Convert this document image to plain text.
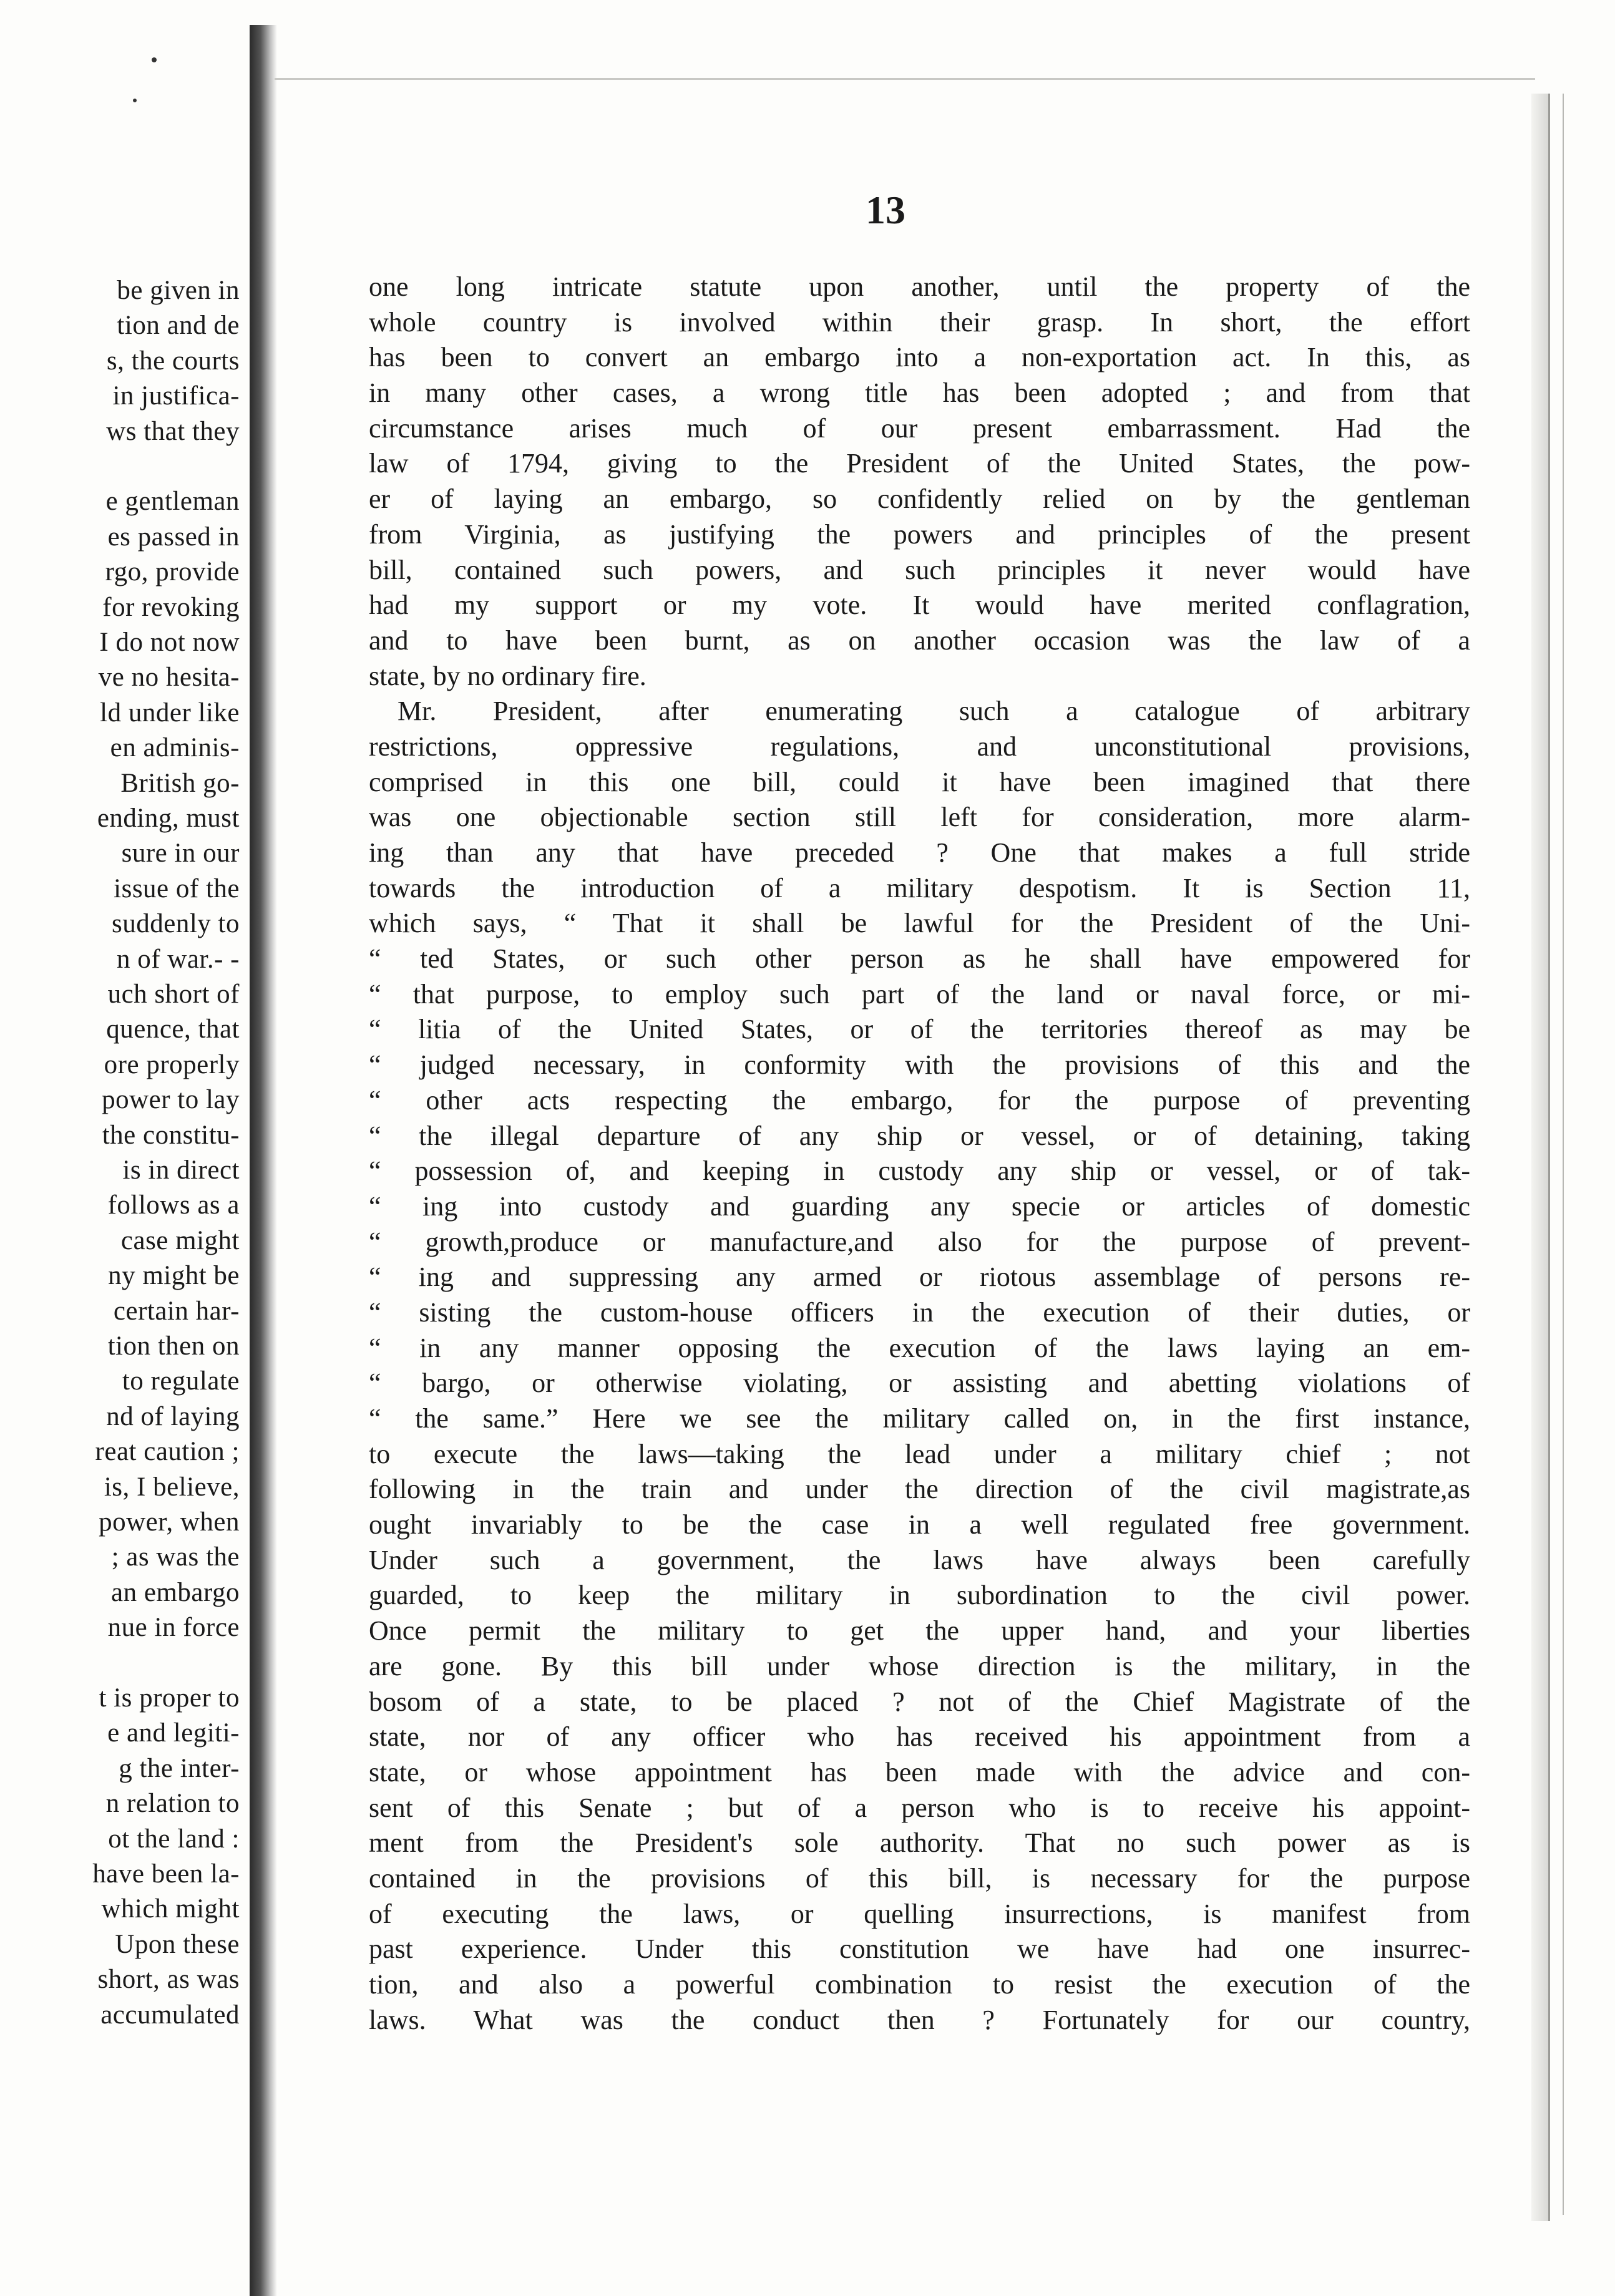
be given in
tion and de
s, the courts
in justifica-
ws that they
e gentleman
es passed in
rgo, provide
for revoking
I do not now
ve no hesita-
ld under like
en adminis-
British go-
ending, must
sure in our
issue of the
suddenly to
n of war.- -
uch short of
quence, that
ore properly
power to lay
the constitu-
is in direct
follows as a
case might
ny might be
certain har-
tion then on
to regulate
nd of laying
reat caution ;
is, I believe,
power, when
; as was the
an embargo
nue in force
t is proper to
e and legiti-
g the inter-
n relation to
ot the land :
have been la-
which might
Upon these
short, as was
accumulated
13
one long intricate statute upon another, until the property of the
whole country is involved within their grasp. In short, the effort
has been to convert an embargo into a non-exportation act. In this, as
in many other cases, a wrong title has been adopted ; and from that
circumstance arises much of our present embarrassment. Had the
law of 1794, giving to the President of the United States, the pow-
er of laying an embargo, so confidently relied on by the gentleman
from Virginia, as justifying the powers and principles of the present
bill, contained such powers, and such principles it never would have
had my support or my vote. It would have merited conflagration,
and to have been burnt, as on another occasion was the law of a
state, by no ordinary fire.
Mr. President, after enumerating such a catalogue of arbitrary
restrictions, oppressive regulations, and unconstitutional provisions,
comprised in this one bill, could it have been imagined that there
was one objectionable section still left for consideration, more alarm-
ing than any that have preceded ? One that makes a full stride
towards the introduction of a military despotism. It is Section 11,
which says, “ That it shall be lawful for the President of the Uni-
“ ted States, or such other person as he shall have empowered for
“ that purpose, to employ such part of the land or naval force, or mi-
“ litia of the United States, or of the territories thereof as may be
“ judged necessary, in conformity with the provisions of this and the
“ other acts respecting the embargo, for the purpose of preventing
“ the illegal departure of any ship or vessel, or of detaining, taking
“ possession of, and keeping in custody any ship or vessel, or of tak-
“ ing into custody and guarding any specie or articles of domestic
“ growth,produce or manufacture,and also for the purpose of prevent-
“ ing and suppressing any armed or riotous assemblage of persons re-
“ sisting the custom-house officers in the execution of their duties, or
“ in any manner opposing the execution of the laws laying an em-
“ bargo, or otherwise violating, or assisting and abetting violations of
“ the same.” Here we see the military called on, in the first instance,
to execute the laws—taking the lead under a military chief ; not
following in the train and under the direction of the civil magistrate,as
ought invariably to be the case in a well regulated free government.
Under such a government, the laws have always been carefully
guarded, to keep the military in subordination to the civil power.
Once permit the military to get the upper hand, and your liberties
are gone. By this bill under whose direction is the military, in the
bosom of a state, to be placed ? not of the Chief Magistrate of the
state, nor of any officer who has received his appointment from a
state, or whose appointment has been made with the advice and con-
sent of this Senate ; but of a person who is to receive his appoint-
ment from the President's sole authority. That no such power as is
contained in the provisions of this bill, is necessary for the purpose
of executing the laws, or quelling insurrections, is manifest from
past experience. Under this constitution we have had one insurrec-
tion, and also a powerful combination to resist the execution of the
laws. What was the conduct then ? Fortunately for our country,
